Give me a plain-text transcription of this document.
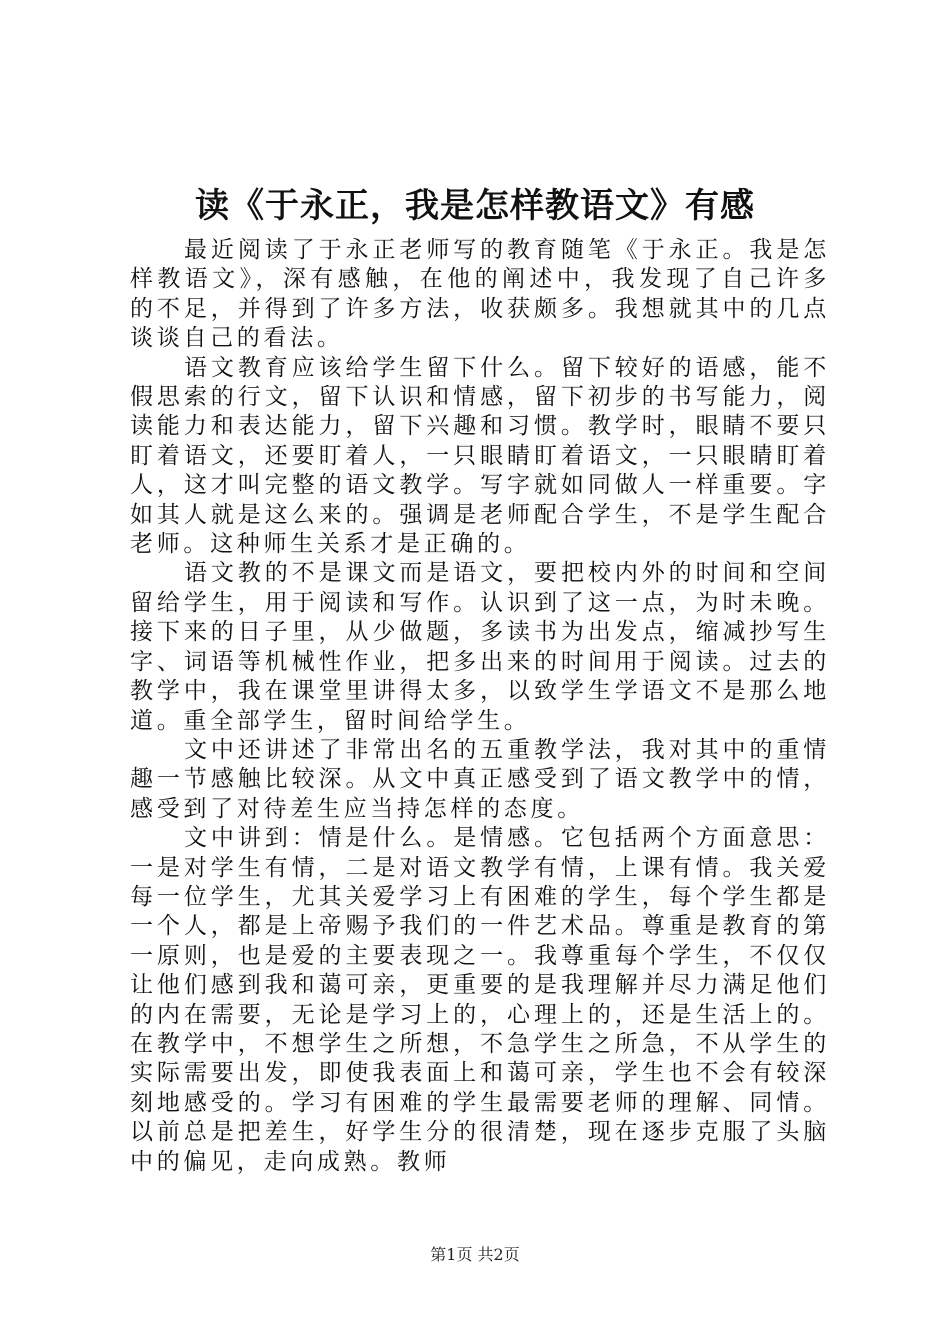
读《于永正，我是怎样教语文》有感

最近阅读了于永正老师写的教育随笔《于永正。我是怎样教语文》，深有感触，在他的阐述中，我发现了自己许多的不足，并得到了许多方法，收获颇多。我想就其中的几点谈谈自己的看法。

语文教育应该给学生留下什么。留下较好的语感，能不假思索的行文，留下认识和情感，留下初步的书写能力，阅读能力和表达能力，留下兴趣和习惯。教学时，眼睛不要只盯着语文，还要盯着人，一只眼睛盯着语文，一只眼睛盯着人，这才叫完整的语文教学。写字就如同做人一样重要。字如其人就是这么来的。强调是老师配合学生，不是学生配合老师。这种师生关系才是正确的。

语文教的不是课文而是语文，要把校内外的时间和空间留给学生，用于阅读和写作。认识到了这一点，为时未晚。接下来的日子里，从少做题，多读书为出发点，缩减抄写生字、词语等机械性作业，把多出来的时间用于阅读。过去的教学中，我在课堂里讲得太多，以致学生学语文不是那么地道。重全部学生，留时间给学生。

文中还讲述了非常出名的五重教学法，我对其中的重情趣一节感触比较深。从文中真正感受到了语文教学中的情，感受到了对待差生应当持怎样的态度。

文中讲到：情是什么。是情感。它包括两个方面意思：一是对学生有情，二是对语文教学有情，上课有情。我关爱每一位学生，尤其关爱学习上有困难的学生，每个学生都是一个人，都是上帝赐予我们的一件艺术品。尊重是教育的第一原则，也是爱的主要表现之一。我尊重每个学生，不仅仅让他们感到我和蔼可亲，更重要的是我理解并尽力满足他们的内在需要，无论是学习上的，心理上的，还是生活上的。在教学中，不想学生之所想，不急学生之所急，不从学生的实际需要出发，即使我表面上和蔼可亲，学生也不会有较深刻地感受的。学习有困难的学生最需要老师的理解、同情。以前总是把差生，好学生分的很清楚，现在逐步克服了头脑中的偏见，走向成熟。教师

第1页 共2页
